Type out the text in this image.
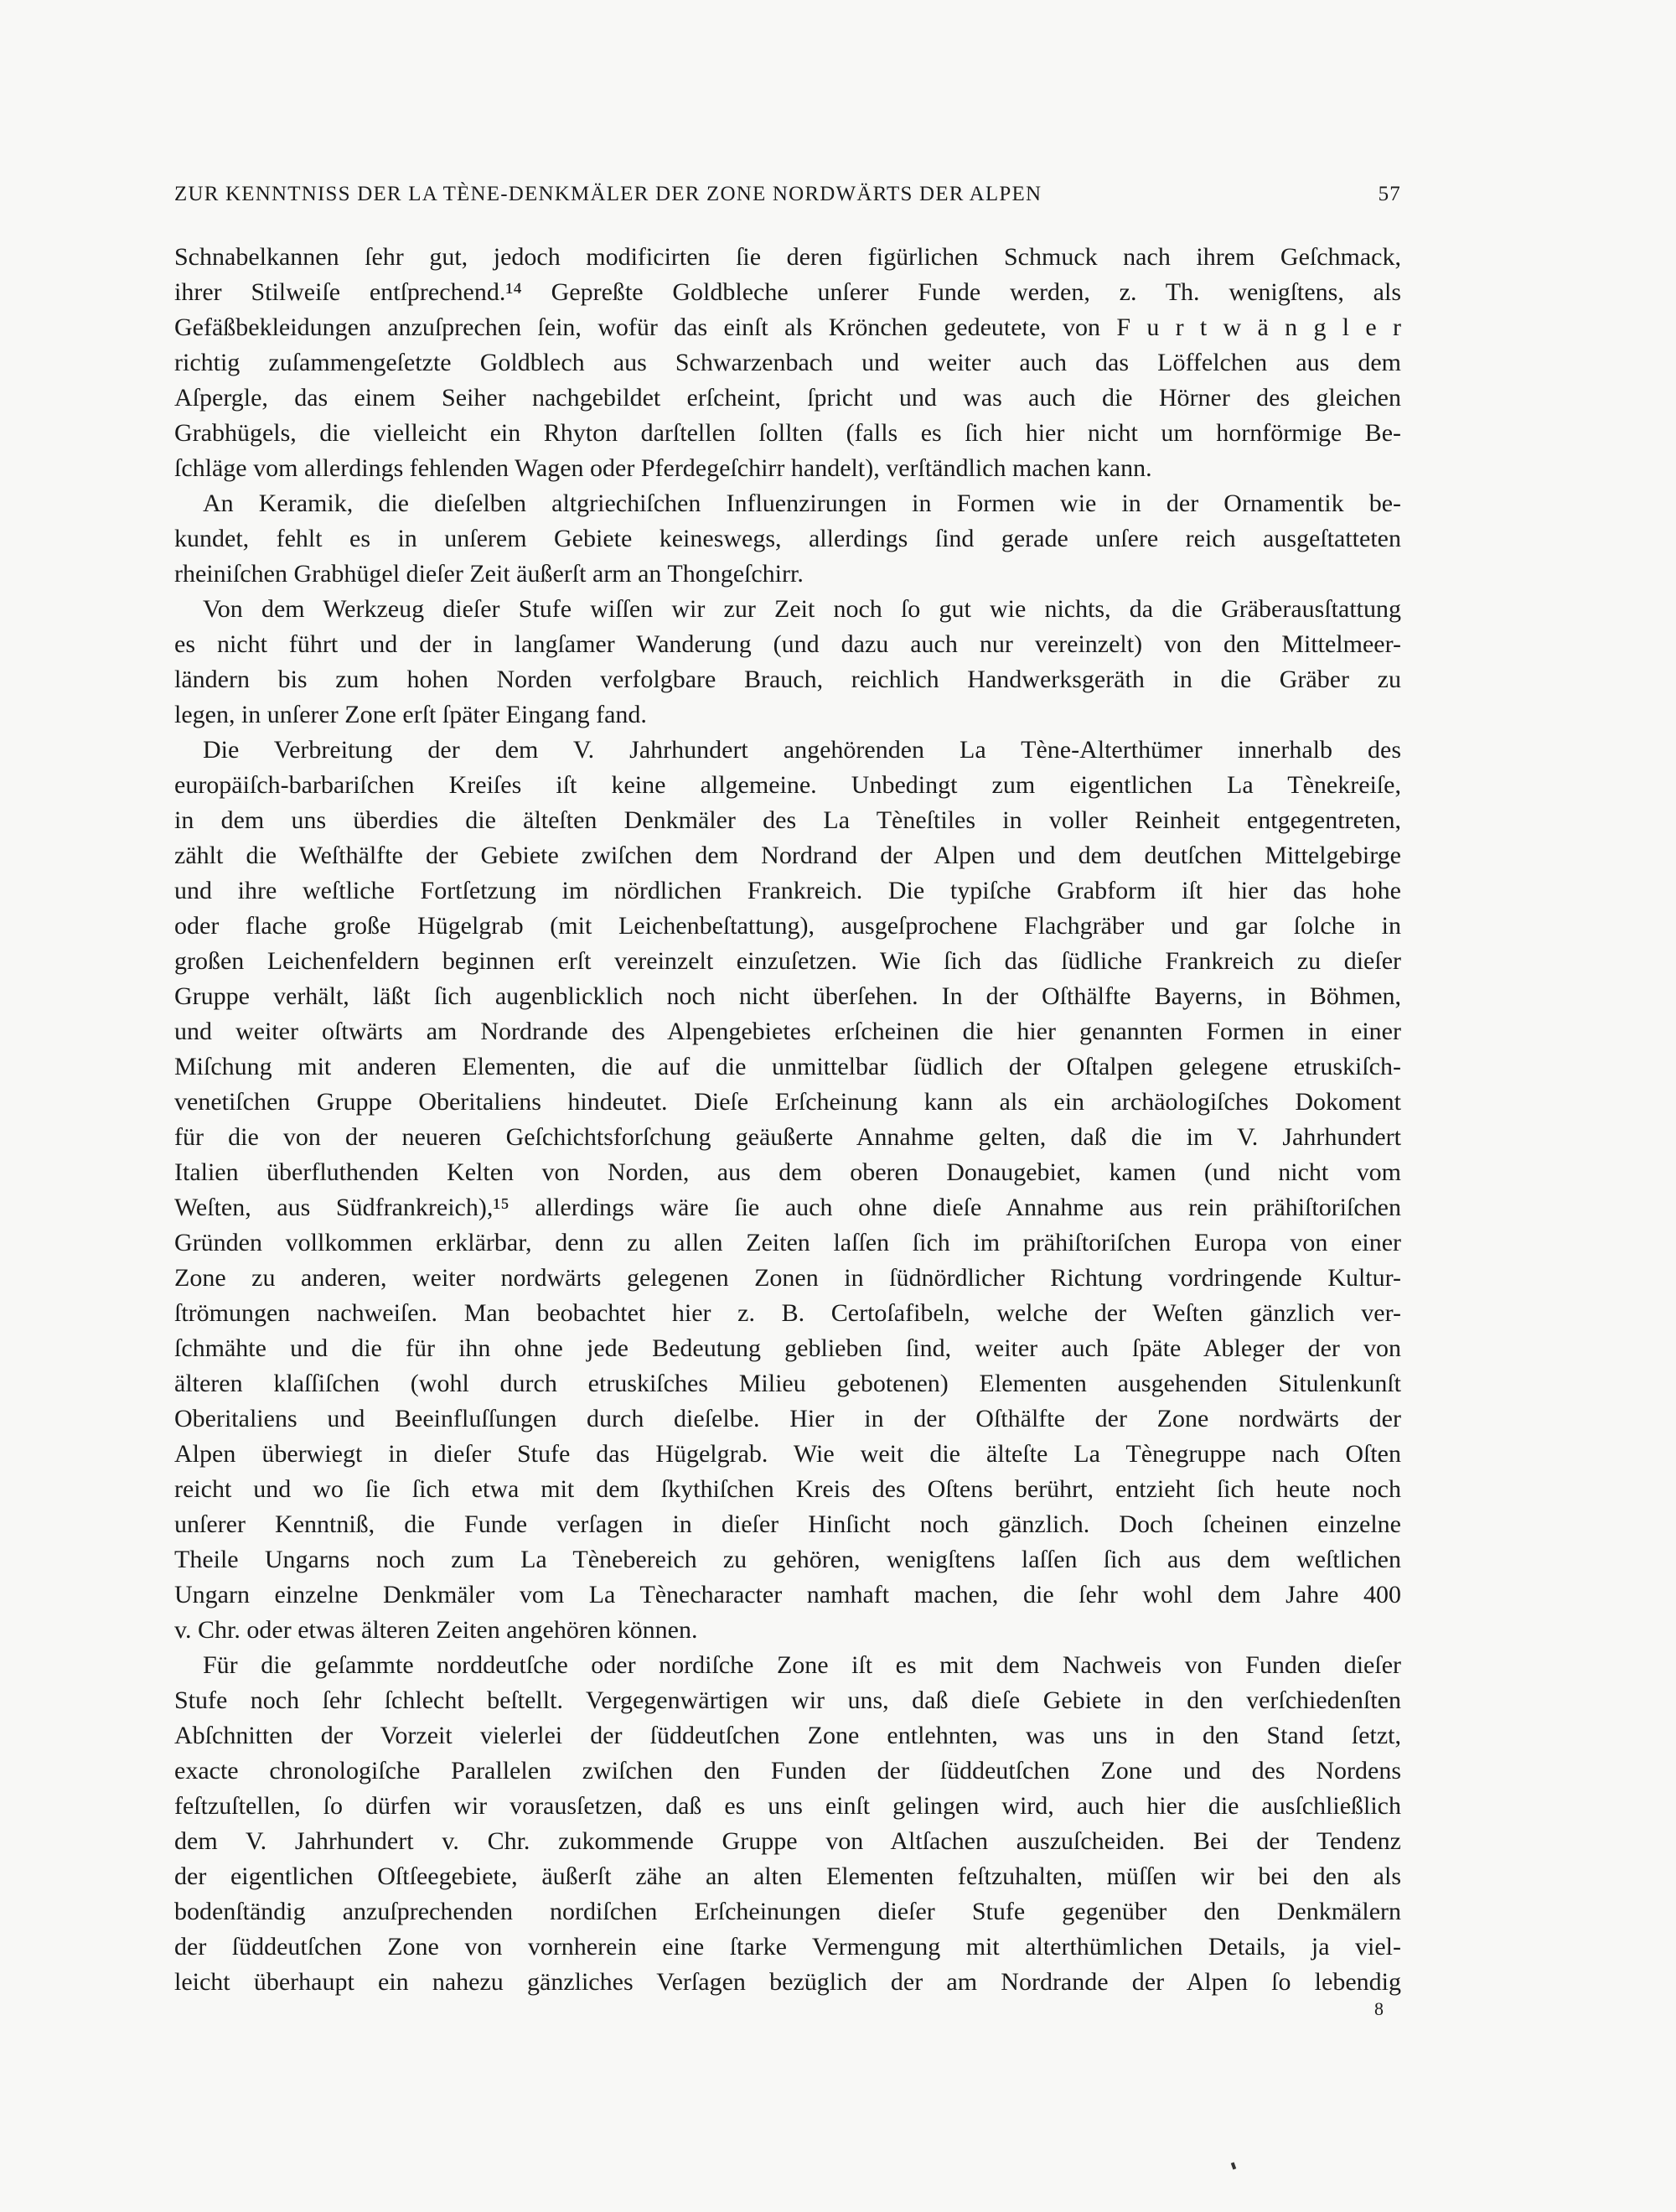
ZUR KENNTNISS DER LA TÈNE-DENKMÄLER DER ZONE NORDWÄRTS DER ALPEN	57
Schnabelkannen ſehr gut, jedoch modificirten ſie deren figürlichen Schmuck nach ihrem Geſchmack,
ihrer Stilweiſe entſprechend.¹⁴ Gepreßte Goldbleche unſerer Funde werden, z. Th. wenigſtens, als
Gefäßbekleidungen anzuſprechen ſein, wofür das einſt als Krönchen gedeutete, von F u r t w ä n g l e r
richtig zuſammengeſetzte Goldblech aus Schwarzenbach und weiter auch das Löffelchen aus dem
Aſpergle, das einem Seiher nachgebildet erſcheint, ſpricht und was auch die Hörner des gleichen
Grabhügels, die vielleicht ein Rhyton darſtellen ſollten (falls es ſich hier nicht um hornförmige Be-
ſchläge vom allerdings fehlenden Wagen oder Pferdegeſchirr handelt), verſtändlich machen kann.
An Keramik, die dieſelben altgriechiſchen Influenzirungen in Formen wie in der Ornamentik be-
kundet, fehlt es in unſerem Gebiete keineswegs, allerdings ſind gerade unſere reich ausgeſtatteten
rheiniſchen Grabhügel dieſer Zeit äußerſt arm an Thongeſchirr.
Von dem Werkzeug dieſer Stufe wiſſen wir zur Zeit noch ſo gut wie nichts, da die Gräberausſtattung
es nicht führt und der in langſamer Wanderung (und dazu auch nur vereinzelt) von den Mittelmeer-
ländern bis zum hohen Norden verfolgbare Brauch, reichlich Handwerksgeräth in die Gräber zu
legen, in unſerer Zone erſt ſpäter Eingang fand.
Die Verbreitung der dem V. Jahrhundert angehörenden La Tène-Alterthümer innerhalb des
europäiſch-barbariſchen Kreiſes iſt keine allgemeine. Unbedingt zum eigentlichen La Tènekreiſe,
in dem uns überdies die älteſten Denkmäler des La Tèneſtiles in voller Reinheit entgegentreten,
zählt die Weſthälfte der Gebiete zwiſchen dem Nordrand der Alpen und dem deutſchen Mittelgebirge
und ihre weſtliche Fortſetzung im nördlichen Frankreich. Die typiſche Grabform iſt hier das hohe
oder flache große Hügelgrab (mit Leichenbeſtattung), ausgeſprochene Flachgräber und gar ſolche in
großen Leichenfeldern beginnen erſt vereinzelt einzuſetzen. Wie ſich das ſüdliche Frankreich zu dieſer
Gruppe verhält, läßt ſich augenblicklich noch nicht überſehen. In der Oſthälfte Bayerns, in Böhmen,
und weiter oſtwärts am Nordrande des Alpengebietes erſcheinen die hier genannten Formen in einer
Miſchung mit anderen Elementen, die auf die unmittelbar ſüdlich der Oſtalpen gelegene etruskiſch-
venetiſchen Gruppe Oberitaliens hindeutet. Dieſe Erſcheinung kann als ein archäologiſches Dokoment
für die von der neueren Geſchichtsforſchung geäußerte Annahme gelten, daß die im V. Jahrhundert
Italien überfluthenden Kelten von Norden, aus dem oberen Donaugebiet, kamen (und nicht vom
Weſten, aus Südfrankreich),¹⁵ allerdings wäre ſie auch ohne dieſe Annahme aus rein prähiſtoriſchen
Gründen vollkommen erklärbar, denn zu allen Zeiten laſſen ſich im prähiſtoriſchen Europa von einer
Zone zu anderen, weiter nordwärts gelegenen Zonen in ſüdnördlicher Richtung vordringende Kultur-
ſtrömungen nachweiſen. Man beobachtet hier z. B. Certoſafibeln, welche der Weſten gänzlich ver-
ſchmähte und die für ihn ohne jede Bedeutung geblieben ſind, weiter auch ſpäte Ableger der von
älteren klaſſiſchen (wohl durch etruskiſches Milieu gebotenen) Elementen ausgehenden Situlenkunſt
Oberitaliens und Beeinfluſſungen durch dieſelbe. Hier in der Oſthälfte der Zone nordwärts der
Alpen überwiegt in dieſer Stufe das Hügelgrab. Wie weit die älteſte La Tènegruppe nach Oſten
reicht und wo ſie ſich etwa mit dem ſkythiſchen Kreis des Oſtens berührt, entzieht ſich heute noch
unſerer Kenntniß, die Funde verſagen in dieſer Hinſicht noch gänzlich. Doch ſcheinen einzelne
Theile Ungarns noch zum La Tènebereich zu gehören, wenigſtens laſſen ſich aus dem weſtlichen
Ungarn einzelne Denkmäler vom La Tènecharacter namhaft machen, die ſehr wohl dem Jahre 400
v. Chr. oder etwas älteren Zeiten angehören können.
Für die geſammte norddeutſche oder nordiſche Zone iſt es mit dem Nachweis von Funden dieſer
Stufe noch ſehr ſchlecht beſtellt. Vergegenwärtigen wir uns, daß dieſe Gebiete in den verſchiedenſten
Abſchnitten der Vorzeit vielerlei der ſüddeutſchen Zone entlehnten, was uns in den Stand ſetzt,
exacte chronologiſche Parallelen zwiſchen den Funden der ſüddeutſchen Zone und des Nordens
feſtzuſtellen, ſo dürfen wir vorausſetzen, daß es uns einſt gelingen wird, auch hier die ausſchließlich
dem V. Jahrhundert v. Chr. zukommende Gruppe von Altſachen auszuſcheiden. Bei der Tendenz
der eigentlichen Oſtſeegebiete, äußerſt zähe an alten Elementen feſtzuhalten, müſſen wir bei den als
bodenſtändig anzuſprechenden nordiſchen Erſcheinungen dieſer Stufe gegenüber den Denkmälern
der ſüddeutſchen Zone von vornherein eine ſtarke Vermengung mit alterthümlichen Details, ja viel-
leicht überhaupt ein nahezu gänzliches Verſagen bezüglich der am Nordrande der Alpen ſo lebendig
8
